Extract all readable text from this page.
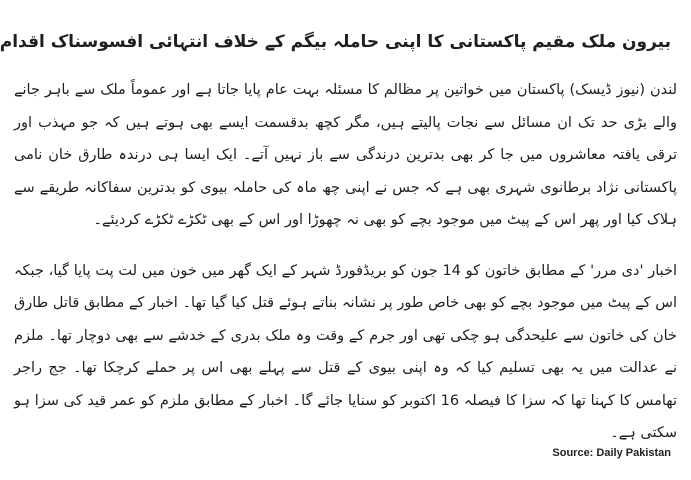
بیرون ملک مقیم پاکستانی کا اپنی حاملہ بیگم کے خلاف انتہائی افسوسناک اقدام

لندن (نیوز ڈیسک) پاکستان میں خواتین پر مظالم کا مسئلہ بہت عام پایا جاتا ہے اور عموماً ملک سے باہر جانے والے بڑی حد تک ان مسائل سے نجات پالیتے ہیں، مگر کچھ بدقسمت ایسے بھی ہوتے ہیں کہ جو مہذب اور ترقی یافتہ معاشروں میں جا کر بھی بدترین درندگی سے باز نہیں آتے۔ ایک ایسا ہی درندہ طارق خان نامی پاکستانی نژاد برطانوی شہری بھی ہے کہ جس نے اپنی چھ ماہ کی حاملہ بیوی کو بدترین سفاکانہ طریقے سے ہلاک کیا اور پھر اس کے پیٹ میں موجود بچے کو بھی نہ چھوڑا اور اس کے بھی ٹکڑے ٹکڑے کردیئے۔

اخبار 'دی مرر' کے مطابق خاتون کو 14 جون کو بریڈفورڈ شہر کے ایک گھر میں خون میں لت پت پایا گیا، جبکہ اس کے پیٹ میں موجود بچے کو بھی خاص طور پر نشانہ بناتے ہوئے قتل کیا گیا تھا۔ اخبار کے مطابق قاتل طارق خان کی خاتون سے علیحدگی ہو چکی تھی اور جرم کے وقت وہ ملک بدری کے خدشے سے بھی دوچار تھا۔ ملزم نے عدالت میں یہ بھی تسلیم کیا کہ وہ اپنی بیوی کے قتل سے پہلے بھی اس پر حملے کرچکا تھا۔ جج راجر تھامس کا کہنا تھا کہ سزا کا فیصلہ 16 اکتوبر کو سنایا جائے گا۔ اخبار کے مطابق ملزم کو عمر قید کی سزا ہو سکتی ہے۔

Source: Daily Pakistan
